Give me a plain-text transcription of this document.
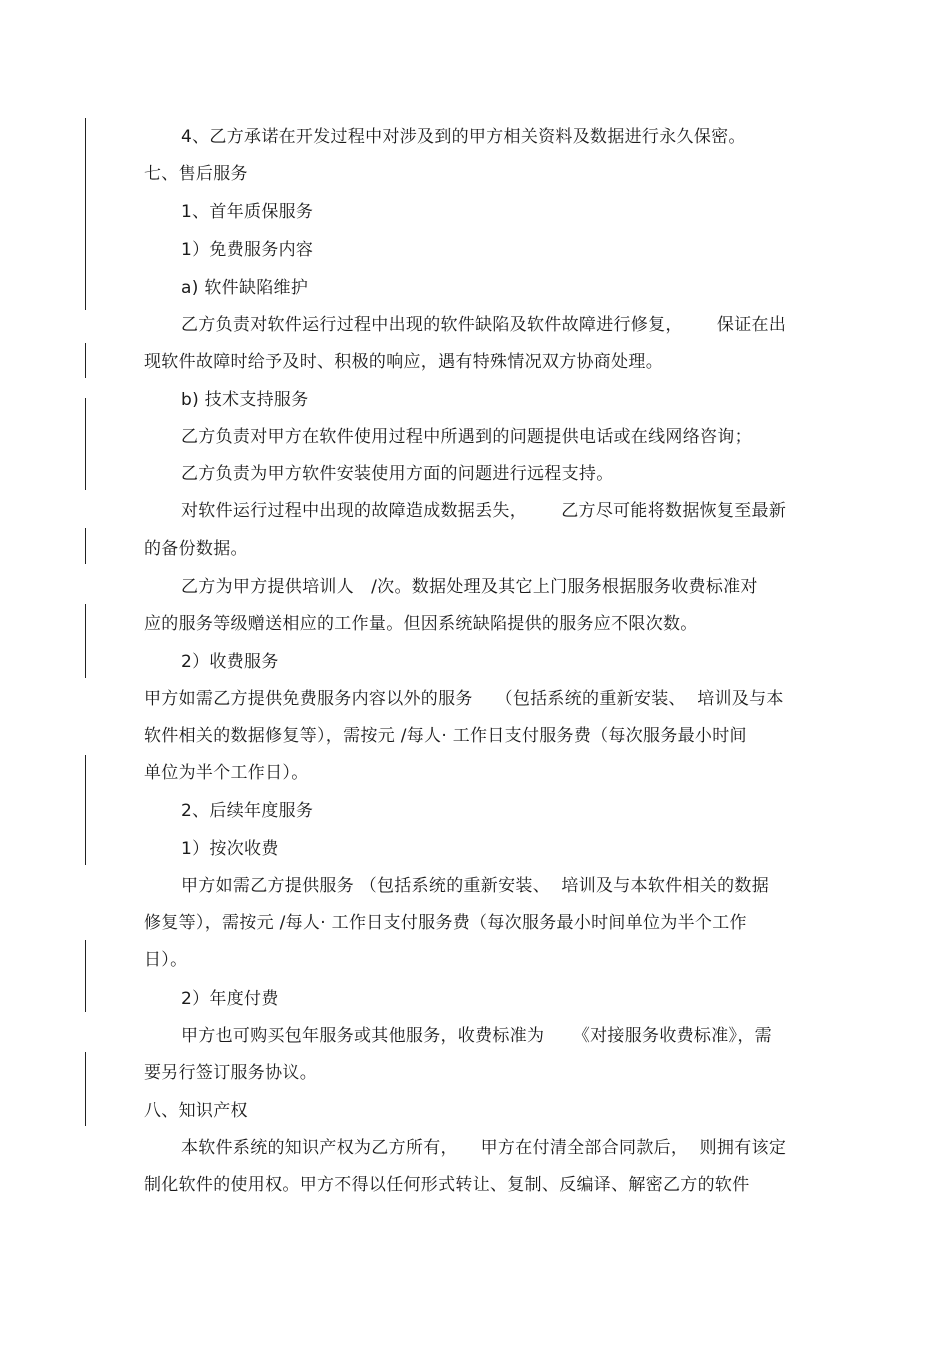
4、乙方承诺在开发过程中对涉及到的甲方相关资料及数据进行永久保密。
七、售后服务
1、首年质保服务
1）免费服务内容
a) 软件缺陷维护
乙方负责对软件运行过程中出现的软件缺陷及软件故障进行修复，      保证在出
现软件故障时给予及时、积极的响应，遇有特殊情况双方协商处理。
b) 技术支持服务
乙方负责对甲方在软件使用过程中所遇到的问题提供电话或在线网络咨询；
乙方负责为甲方软件安装使用方面的问题进行远程支持。
对软件运行过程中出现的故障造成数据丢失，      乙方尽可能将数据恢复至最新
的备份数据。
乙方为甲方提供培训人   /次。数据处理及其它上门服务根据服务收费标准对
应的服务等级赠送相应的工作量。但因系统缺陷提供的服务应不限次数。
2）收费服务
甲方如需乙方提供免费服务内容以外的服务    （包括系统的重新安装、  培训及与本
软件相关的数据修复等），需按元 /每人· 工作日支付服务费（每次服务最小时间
单位为半个工作日）。
2、后续年度服务
1）按次收费
甲方如需乙方提供服务 （包括系统的重新安装、  培训及与本软件相关的数据
修复等），需按元 /每人· 工作日支付服务费（每次服务最小时间单位为半个工作
日）。
2）年度付费
甲方也可购买包年服务或其他服务，收费标准为     《对接服务收费标准》，需
要另行签订服务协议。
八、知识产权
本软件系统的知识产权为乙方所有，    甲方在付清全部合同款后，  则拥有该定
制化软件的使用权。甲方不得以任何形式转让、复制、反编译、解密乙方的软件
